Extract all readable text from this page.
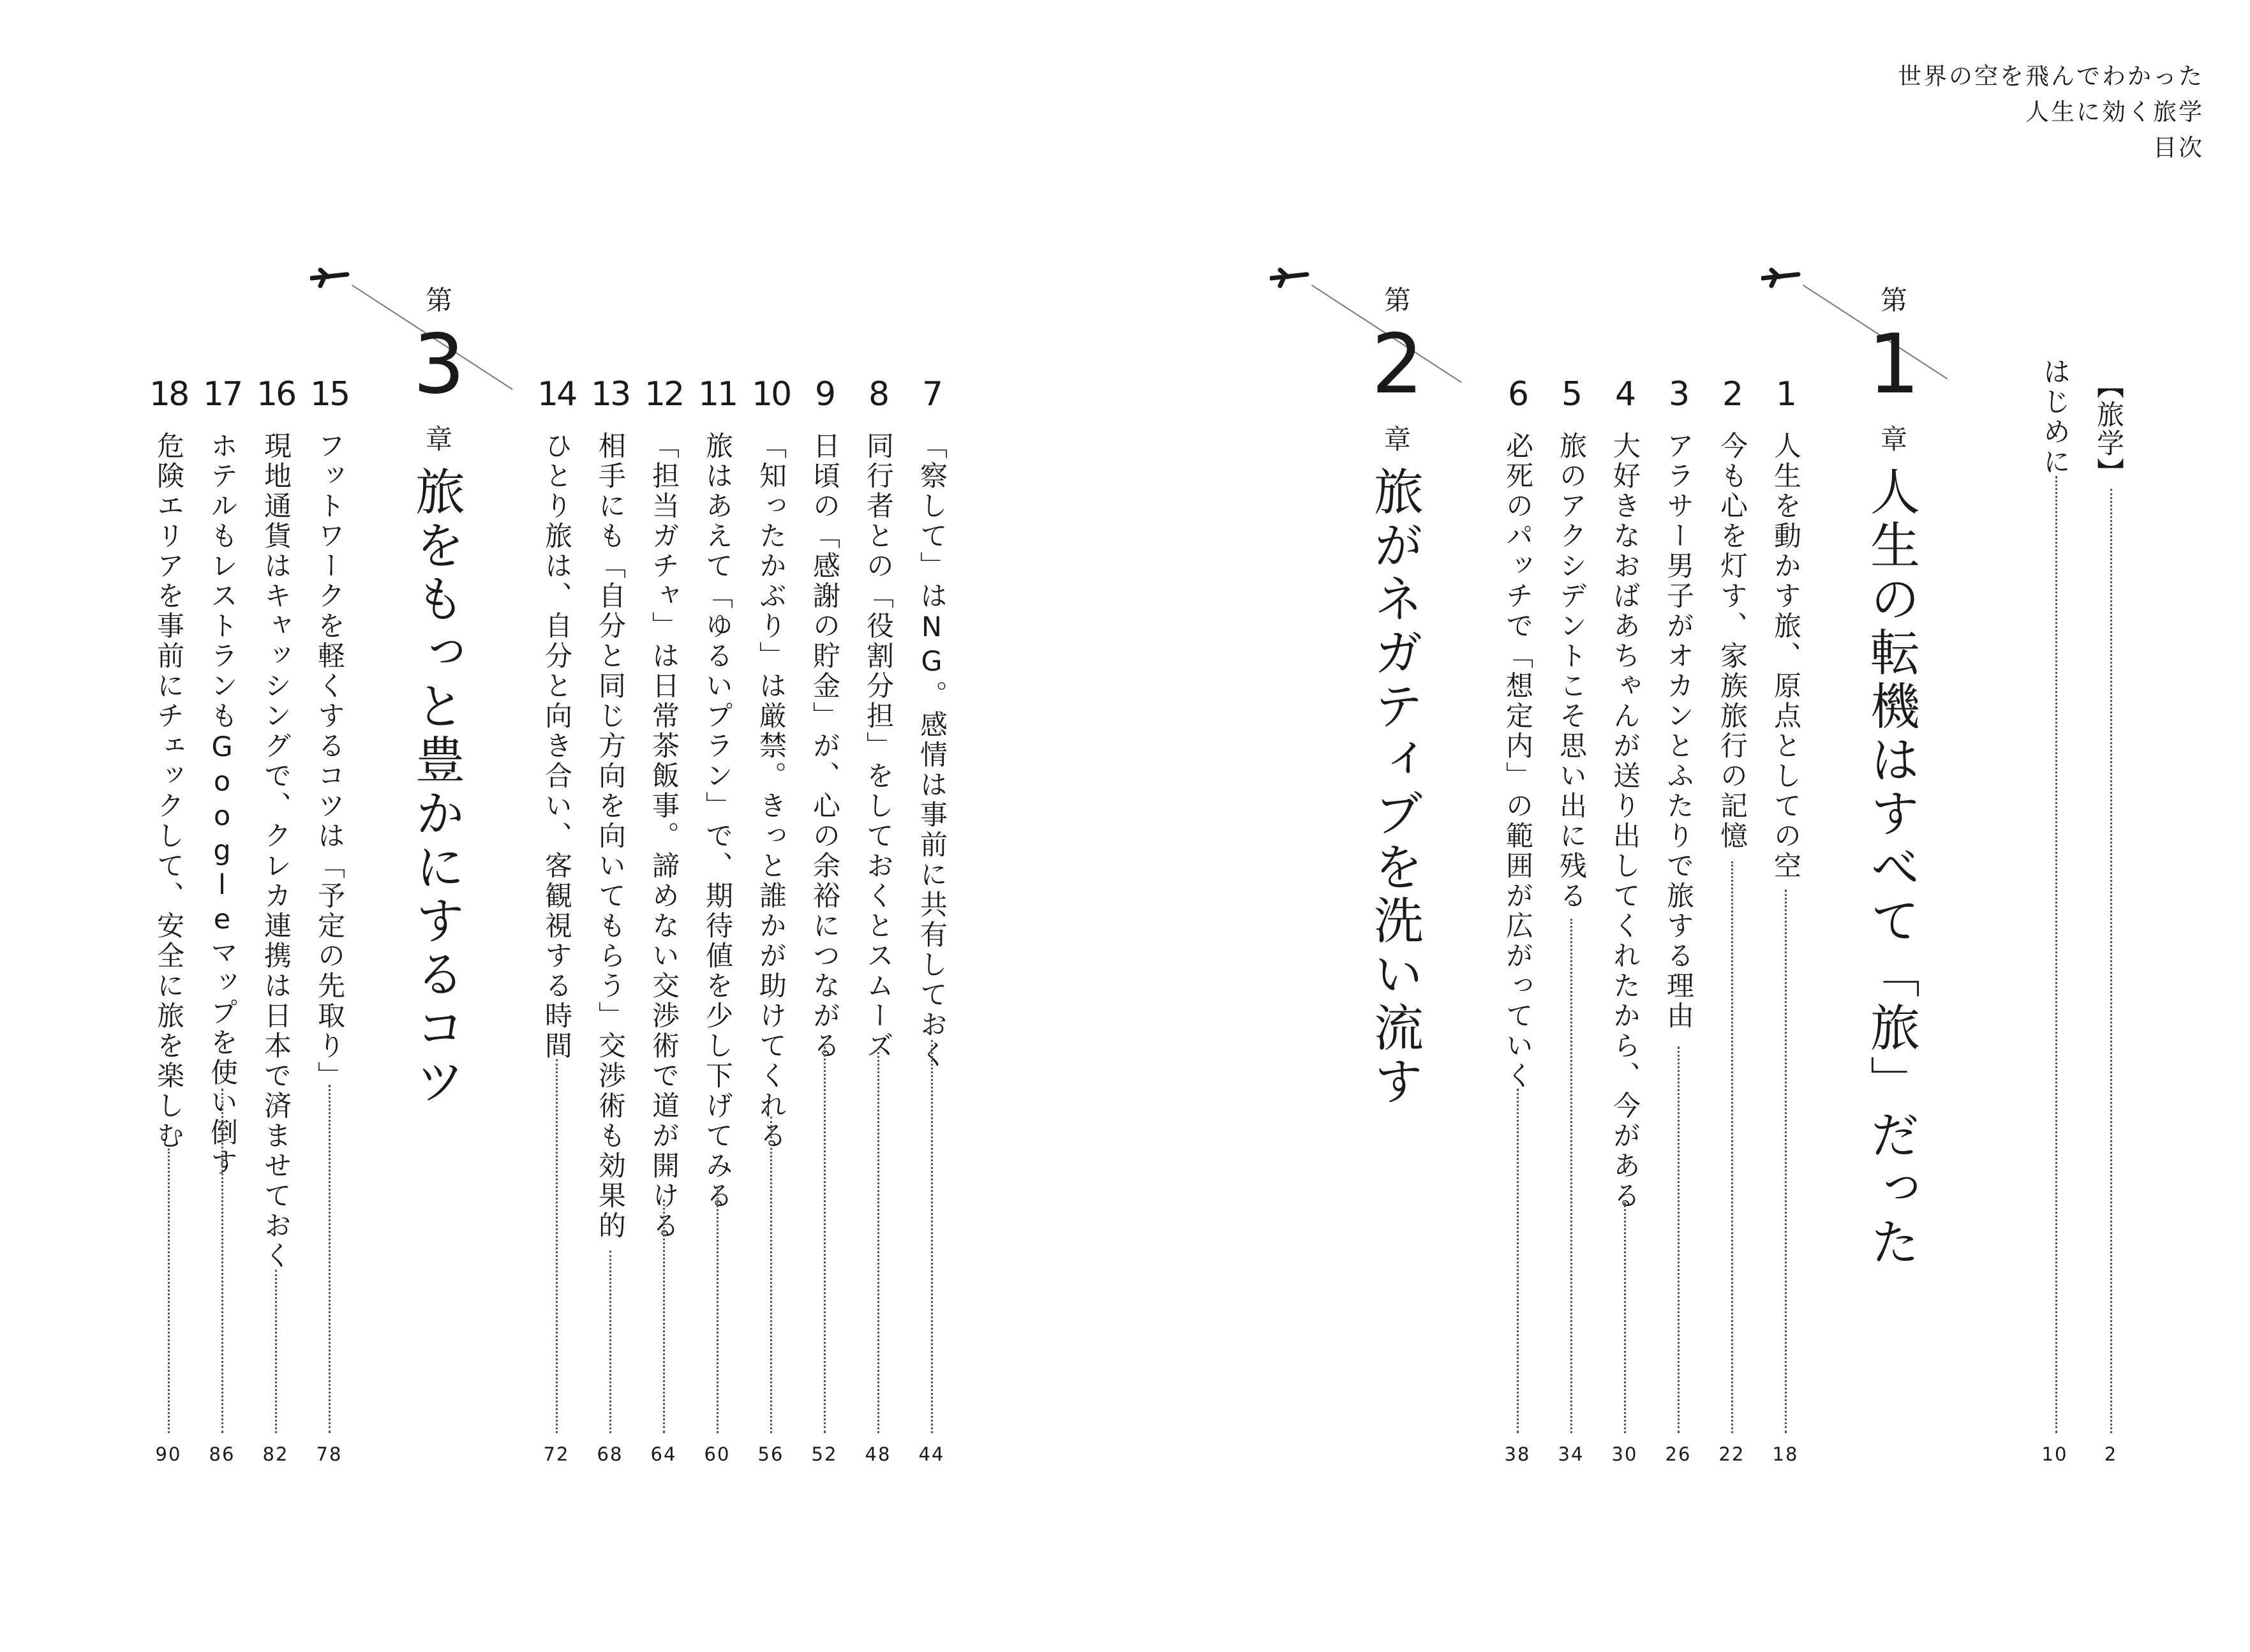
世界の空を飛んでわかった
人生に効く旅学
目次
【旅学】
2
はじめに
10
第
1
章
人生の転機はすべて「旅」だった
1
人生を動かす旅、原点としての空
18
2
今も心を灯す、家族旅行の記憶
22
3
アラサー男子がオカンとふたりで旅する理由
26
4
大好きなおばあちゃんが送り出してくれたから、今がある
30
5
旅のアクシデントこそ思い出に残る
34
6
必死のパッチで「想定内」の範囲が広がっていく
38
第
2
章
旅がネガティブを洗い流す
7
「察して」はNG。感情は事前に共有しておく
44
8
同行者との「役割分担」をしておくとスムーズ
48
9
日頃の「感謝の貯金」が、心の余裕につながる
52
10
「知ったかぶり」は厳禁。きっと誰かが助けてくれる
56
11
旅はあえて「ゆるいプラン」で、期待値を少し下げてみる
60
12
「担当ガチャ」は日常茶飯事。諦めない交渉術で道が開ける
64
13
相手にも「自分と同じ方向を向いてもらう」交渉術も効果的
68
14
ひとり旅は、自分と向き合い、客観視する時間
72
第
3
章
旅をもっと豊かにするコツ
15
フットワークを軽くするコツは「予定の先取り」
78
16
現地通貨はキャッシングで、クレカ連携は日本で済ませておく
82
17
ホテルもレストランもGoogleマップを使い倒す
86
18
危険エリアを事前にチェックして、安全に旅を楽しむ
90
